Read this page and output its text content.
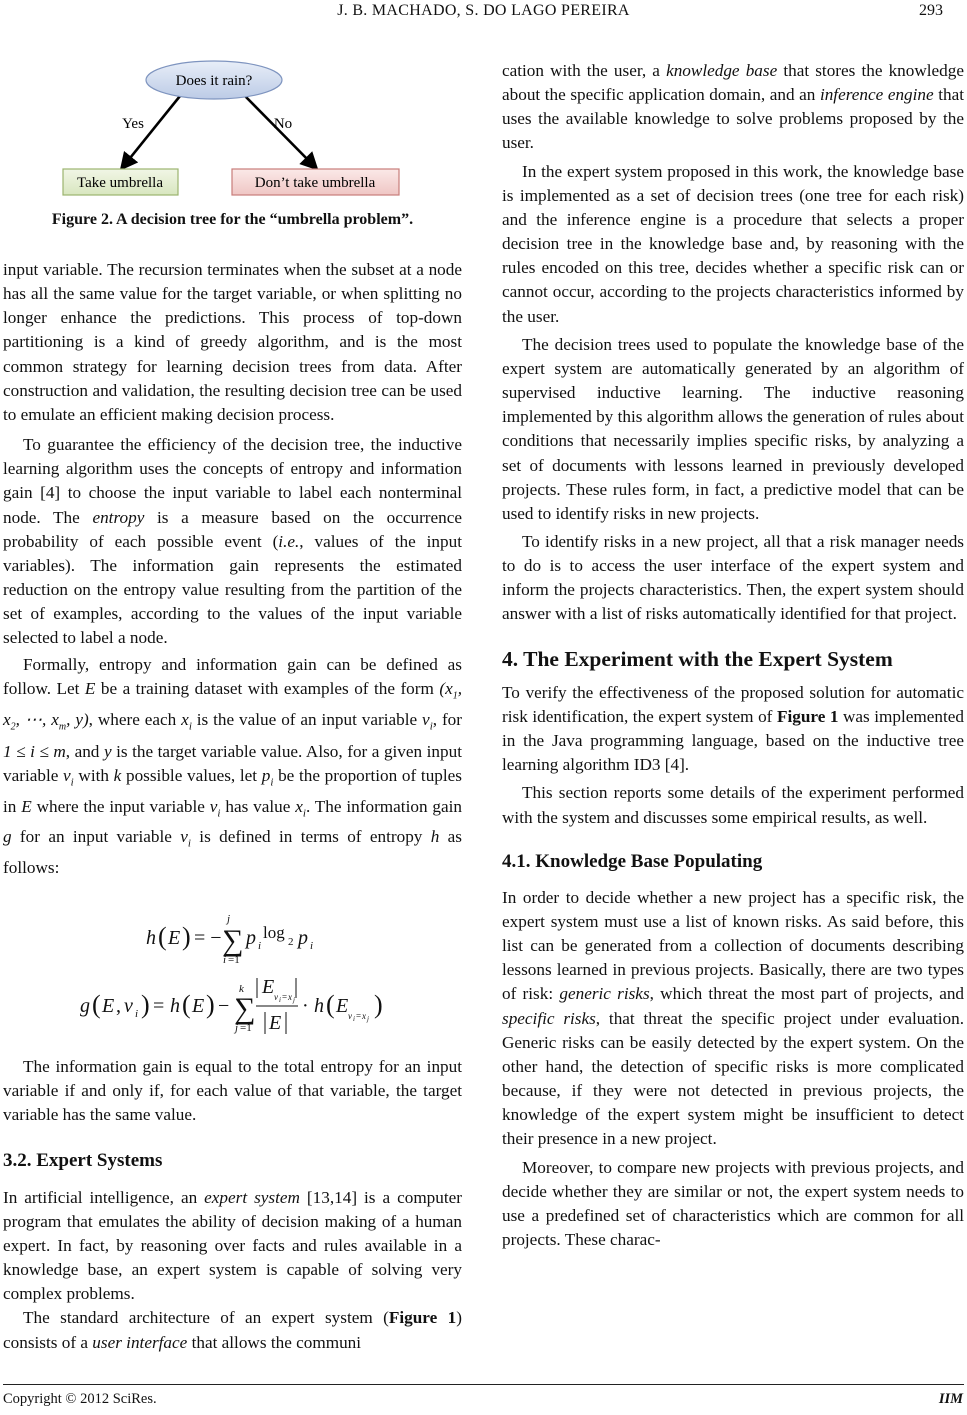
J. B. MACHADO, S. DO LAGO PEREIRA	293
Does it rain?
Yes	No
Take umbrella	Don’t take umbrella
Figure 2. A decision tree for the “umbrella problem”.

input variable. The recursion terminates when the subset at a node has all the same value for the target variable, or when splitting no longer enhance the predictions. This process of top-down partitioning is a kind of greedy algorithm, and is the most common strategy for learning decision trees from data. After construction and validation, the resulting decision tree can be used to emulate an efficient making decision process.

To guarantee the efficiency of the decision tree, the inductive learning algorithm uses the concepts of entropy and information gain [4] to choose the input variable to label each nonterminal node. The entropy is a measure based on the occurrence probability of each possible event (i.e., values of the input variables). The information gain represents the estimated reduction on the entropy value resulting from the partition of the set of examples, according to the values of the input variable selected to label a node.

Formally, entropy and information gain can be defined as follow. Let E be a training dataset with examples of the form ($x_1$, $x_2$, ⋯, $x_m$, y), where each $x_i$ is the value of an input variable $v_i$, for 1 ≤ i ≤ m, and y is the target variable value. Also, for a given input variable $v_i$ with k possible values, let $p_i$ be the proportion of tuples in E where the input variable $v_i$ has value $x_i$. The information gain g for an input variable $v_i$ is defined in terms of entropy h as follows:

h ( E ) = − ∑
j
i =1
p i
log 2 p i
g ( E , v i ) = h ( E ) − ∑
k
j =1
E v i = x j
E
· h ( E v i = x j )

The information gain is equal to the total entropy for an input variable if and only if, for each value of that variable, the target variable has the same value.

3.2. Expert Systems

In artificial intelligence, an expert system [13,14] is a computer program that emulates the ability of decision making of a human expert. In fact, by reasoning over facts and rules available in a knowledge base, an expert system is capable of solving very complex problems.

The standard architecture of an expert system (Figure 1) consists of a user interface that allows the communi

cation with the user, a knowledge base that stores the knowledge about the specific application domain, and an inference engine that uses the available knowledge to solve problems proposed by the user.

In the expert system proposed in this work, the knowledge base is implemented as a set of decision trees (one tree for each risk) and the inference engine is a procedure that selects a proper decision tree in the knowledge base and, by reasoning with the rules encoded on this tree, decides whether a specific risk can or cannot occur, according to the projects characteristics informed by the user.

The decision trees used to populate the knowledge base of the expert system are automatically generated by an algorithm of supervised inductive learning. The inductive reasoning implemented by this algorithm allows the generation of rules about conditions that necessarily implies specific risks, by analyzing a set of documents with lessons learned in previously developed projects. These rules form, in fact, a predictive model that can be used to identify risks in new projects.

To identify risks in a new project, all that a risk manager needs to do is to access the user interface of the expert system and inform the projects characteristics. Then, the expert system should answer with a list of risks automatically identified for that project.

4. The Experiment with the Expert System

To verify the effectiveness of the proposed solution for automatic risk identification, the expert system of Figure 1 was implemented in the Java programming language, based on the inductive tree learning algorithm ID3 [4].

This section reports some details of the experiment performed with the system and discusses some empirical results, as well.

4.1. Knowledge Base Populating

In order to decide whether a new project has a specific risk, the expert system must use a list of known risks. As said before, this list can be generated from a collection of documents describing lessons learned in previous projects. Basically, there are two types of risk: generic risks, which threat the most part of projects, and specific risks, that threat the specific project under evaluation. Generic risks can be easily detected by the expert system. On the other hand, the detection of specific risks is more complicated because, if they were not detected in previous projects, the knowledge of the expert system might be insufficient to detect their presence in a new project.

Moreover, to compare new projects with previous projects, and decide whether they are similar or not, the expert system needs to use a predefined set of characteristics which are common for all projects. These charac-

Copyright © 2012 SciRes.	IIM
